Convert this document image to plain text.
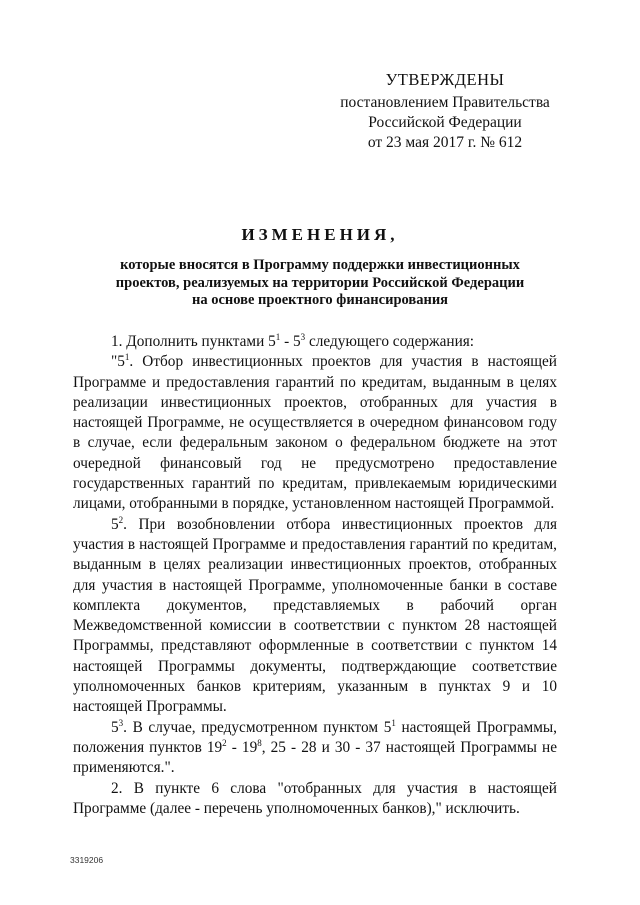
УТВЕРЖДЕНЫ
постановлением Правительства
Российской Федерации
от 23 мая 2017 г. № 612
ИЗМЕНЕНИЯ,
которые вносятся в Программу поддержки инвестиционных
проектов, реализуемых на территории Российской Федерации
на основе проектного финансирования

1. Дополнить пунктами $5^1 - 5^3$ следующего содержания:

"$5^1$. Отбор инвестиционных проектов для участия в настоящей Программе и предоставления гарантий по кредитам, выданным в целях реализации инвестиционных проектов, отобранных для участия в настоящей Программе, не осуществляется в очередном финансовом году в случае, если федеральным законом о федеральном бюджете на этот очередной финансовый год не предусмотрено предоставление государственных гарантий по кредитам, привлекаемым юридическими лицами, отобранными в порядке, установленном настоящей Программой.

$5^2$. При возобновлении отбора инвестиционных проектов для участия в настоящей Программе и предоставления гарантий по кредитам, выданным в целях реализации инвестиционных проектов, отобранных для участия в настоящей Программе, уполномоченные банки в составе комплекта документов, представляемых в рабочий орган Межведомственной комиссии в соответствии с пунктом 28 настоящей Программы, представляют оформленные в соответствии с пунктом 14 настоящей Программы документы, подтверждающие соответствие уполномоченных банков критериям, указанным в пунктах 9 и 10 настоящей Программы.

$5^3$. В случае, предусмотренном пунктом $5^1$ настоящей Программы, положения пунктов $19^2 - 19^8$, 25 - 28 и 30 - 37 настоящей Программы не применяются.".

2. В пункте 6 слова "отобранных для участия в настоящей Программе (далее - перечень уполномоченных банков)," исключить.

3319206
